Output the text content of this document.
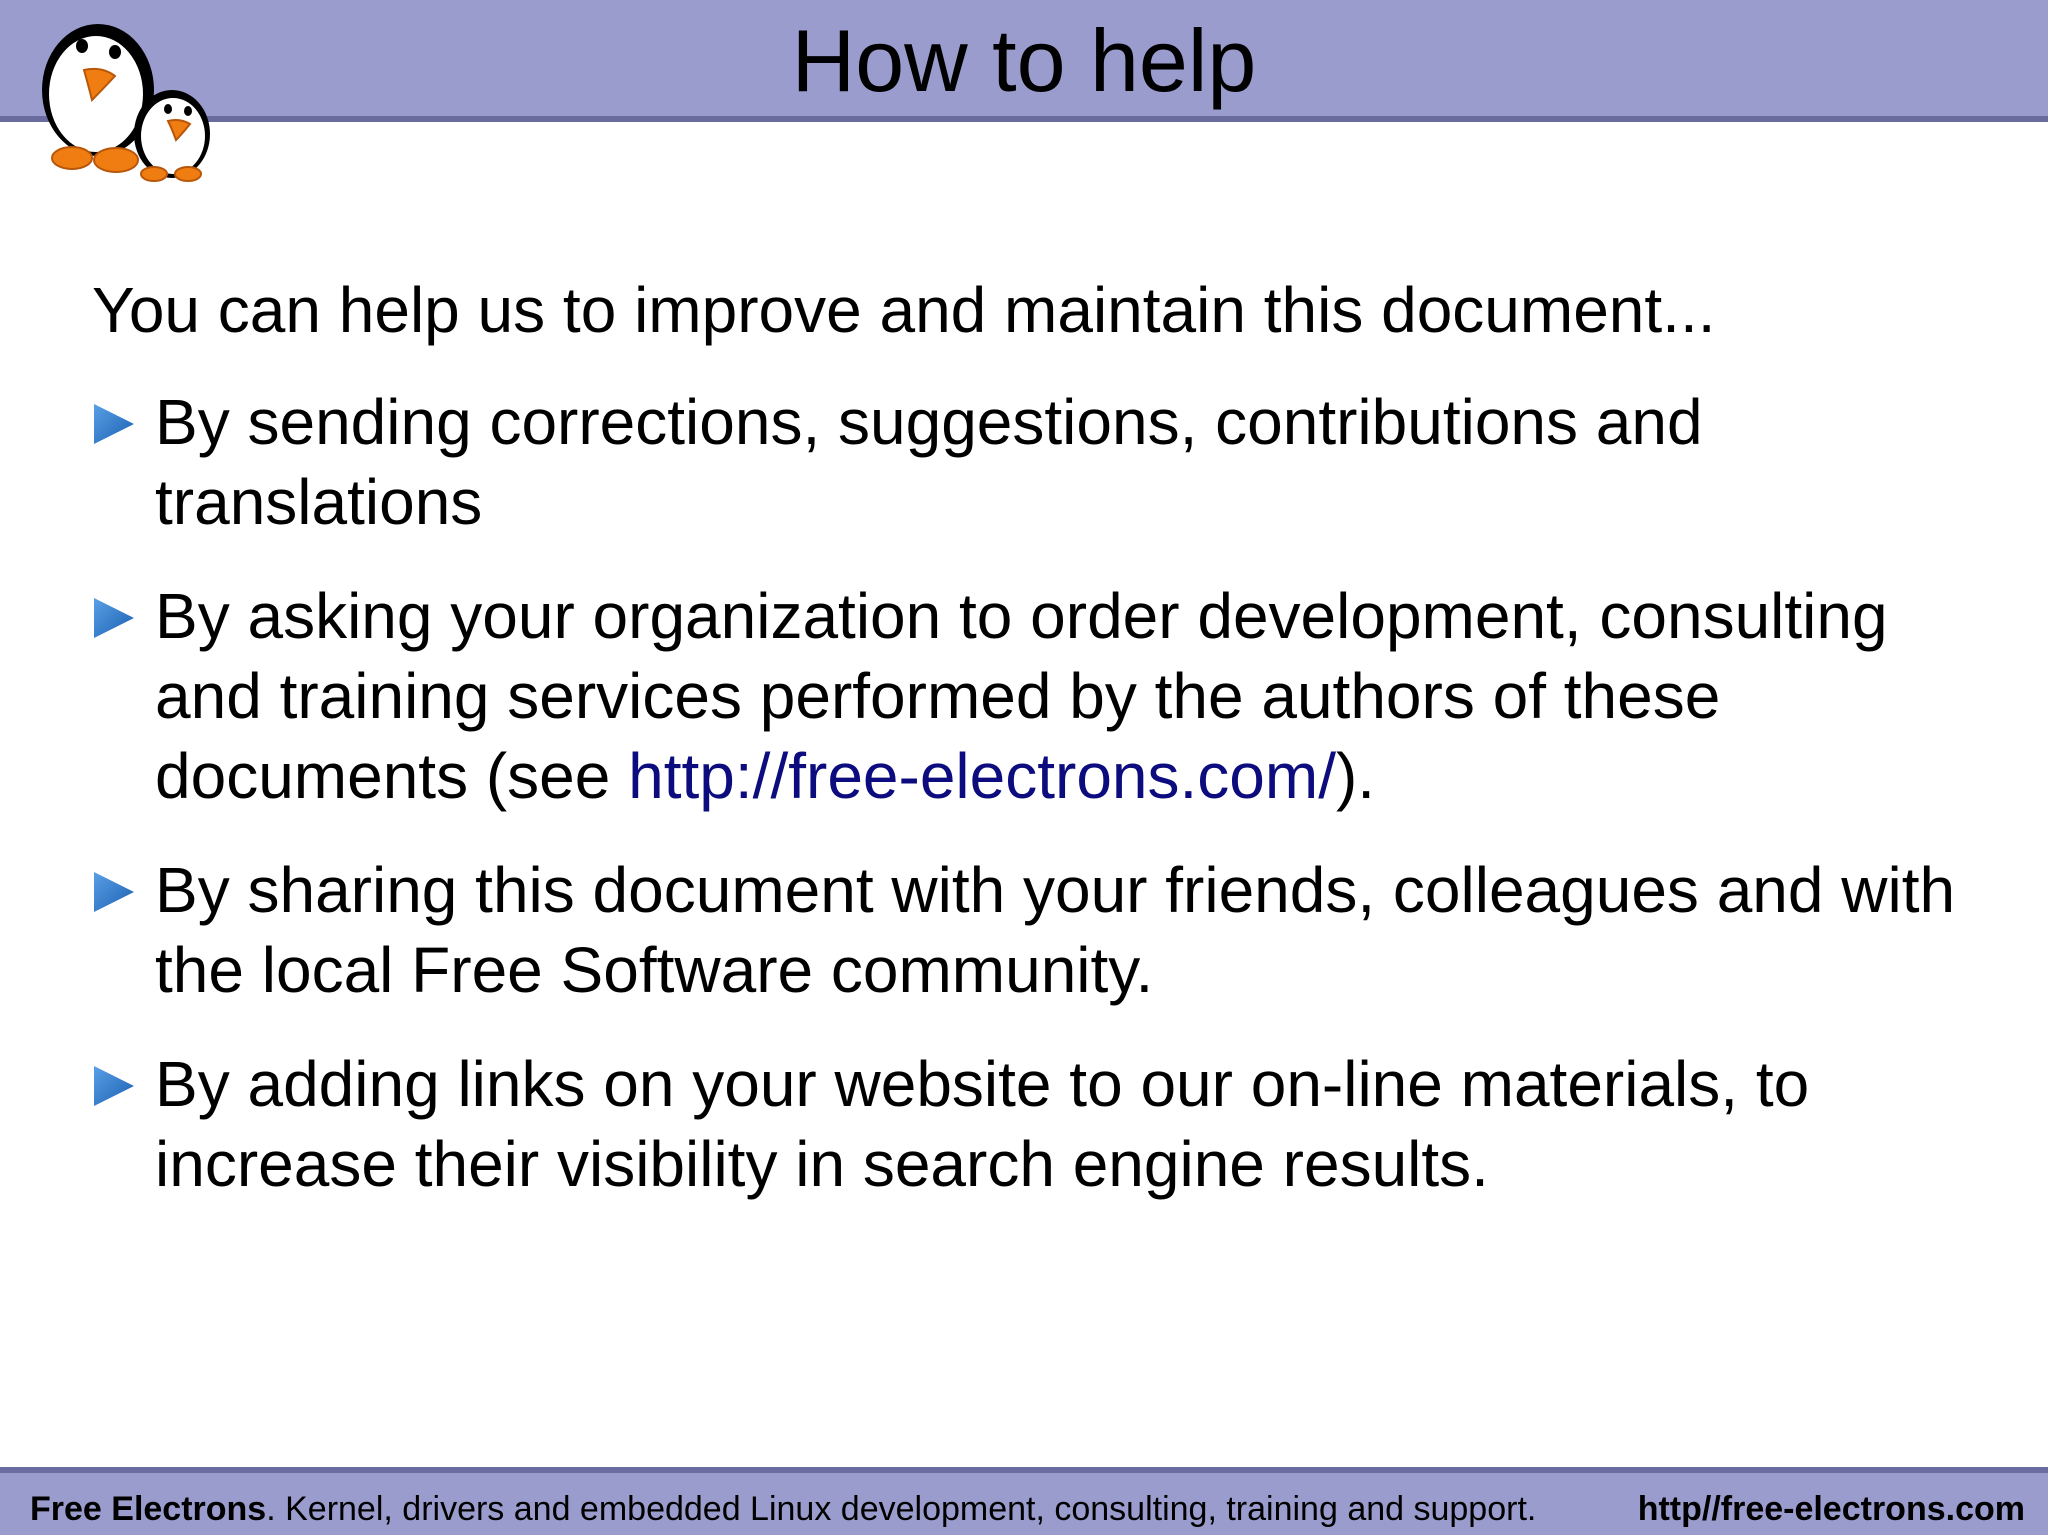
How to help

You can help us to improve and maintain this document...

By sending corrections, suggestions, contributions and translations
By asking your organization to order development, consulting and training services performed by the authors of these documents (see http://free-electrons.com/).
By sharing this document with your friends, colleagues and with the local Free Software community.
By adding links on your website to our on-line materials, to increase their visibility in search engine results.
Free Electrons. Kernel, drivers and embedded Linux development, consulting, training and support.	http//free-electrons.com
